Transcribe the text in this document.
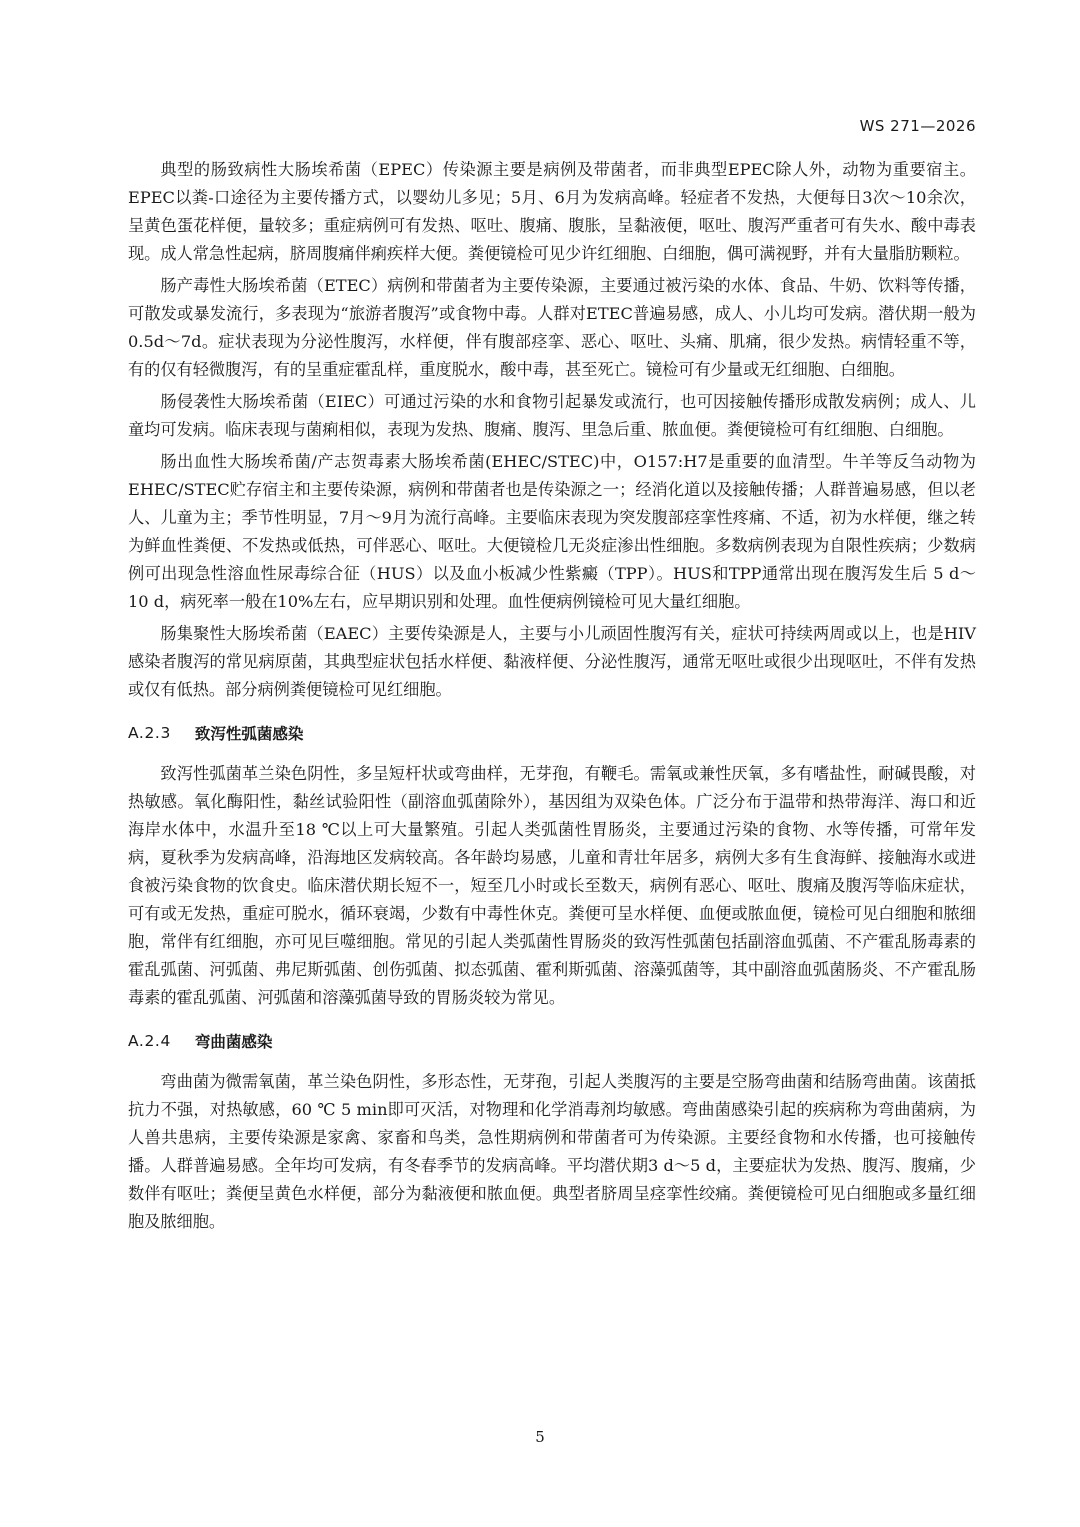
WS 271—2026

典型的肠致病性大肠埃希菌（EPEC）传染源主要是病例及带菌者，而非典型EPEC除人外，动物为重要宿主。EPEC以粪-口途径为主要传播方式，以婴幼儿多见；5月、6月为发病高峰。轻症者不发热，大便每日3次～10余次，呈黄色蛋花样便，量较多；重症病例可有发热、呕吐、腹痛、腹胀，呈黏液便，呕吐、腹泻严重者可有失水、酸中毒表现。成人常急性起病，脐周腹痛伴痢疾样大便。粪便镜检可见少许红细胞、白细胞，偶可满视野，并有大量脂肪颗粒。

肠产毒性大肠埃希菌（ETEC）病例和带菌者为主要传染源，主要通过被污染的水体、食品、牛奶、饮料等传播，可散发或暴发流行，多表现为“旅游者腹泻”或食物中毒。人群对ETEC普遍易感，成人、小儿均可发病。潜伏期一般为0.5d～7d。症状表现为分泌性腹泻，水样便，伴有腹部痉挛、恶心、呕吐、头痛、肌痛，很少发热。病情轻重不等，有的仅有轻微腹泻，有的呈重症霍乱样，重度脱水，酸中毒，甚至死亡。镜检可有少量或无红细胞、白细胞。

肠侵袭性大肠埃希菌（EIEC）可通过污染的水和食物引起暴发或流行，也可因接触传播形成散发病例；成人、儿童均可发病。临床表现与菌痢相似，表现为发热、腹痛、腹泻、里急后重、脓血便。粪便镜检可有红细胞、白细胞。

肠出血性大肠埃希菌/产志贺毒素大肠埃希菌(EHEC/STEC)中，O157:H7是重要的血清型。牛羊等反刍动物为EHEC/STEC贮存宿主和主要传染源，病例和带菌者也是传染源之一；经消化道以及接触传播；人群普遍易感，但以老人、儿童为主；季节性明显，7月～9月为流行高峰。主要临床表现为突发腹部痉挛性疼痛、不适，初为水样便，继之转为鲜血性粪便、不发热或低热，可伴恶心、呕吐。大便镜检几无炎症渗出性细胞。多数病例表现为自限性疾病；少数病例可出现急性溶血性尿毒综合征（HUS）以及血小板减少性紫癜（TPP）。HUS和TPP通常出现在腹泻发生后 5 d～10 d，病死率一般在10%左右，应早期识别和处理。血性便病例镜检可见大量红细胞。

肠集聚性大肠埃希菌（EAEC）主要传染源是人，主要与小儿顽固性腹泻有关，症状可持续两周或以上，也是HIV感染者腹泻的常见病原菌，其典型症状包括水样便、黏液样便、分泌性腹泻，通常无呕吐或很少出现呕吐，不伴有发热或仅有低热。部分病例粪便镜检可见红细胞。

A.2.3 致泻性弧菌感染

致泻性弧菌革兰染色阴性，多呈短杆状或弯曲样，无芽孢，有鞭毛。需氧或兼性厌氧，多有嗜盐性，耐碱畏酸，对热敏感。氧化酶阳性，黏丝试验阳性（副溶血弧菌除外），基因组为双染色体。广泛分布于温带和热带海洋、海口和近海岸水体中，水温升至18 ℃以上可大量繁殖。引起人类弧菌性胃肠炎，主要通过污染的食物、水等传播，可常年发病，夏秋季为发病高峰，沿海地区发病较高。各年龄均易感，儿童和青壮年居多，病例大多有生食海鲜、接触海水或进食被污染食物的饮食史。临床潜伏期长短不一，短至几小时或长至数天，病例有恶心、呕吐、腹痛及腹泻等临床症状，可有或无发热，重症可脱水，循环衰竭，少数有中毒性休克。粪便可呈水样便、血便或脓血便，镜检可见白细胞和脓细胞，常伴有红细胞，亦可见巨噬细胞。常见的引起人类弧菌性胃肠炎的致泻性弧菌包括副溶血弧菌、不产霍乱肠毒素的霍乱弧菌、河弧菌、弗尼斯弧菌、创伤弧菌、拟态弧菌、霍利斯弧菌、溶藻弧菌等，其中副溶血弧菌肠炎、不产霍乱肠毒素的霍乱弧菌、河弧菌和溶藻弧菌导致的胃肠炎较为常见。

A.2.4 弯曲菌感染

弯曲菌为微需氧菌，革兰染色阴性，多形态性，无芽孢，引起人类腹泻的主要是空肠弯曲菌和结肠弯曲菌。该菌抵抗力不强，对热敏感，60 ℃ 5 min即可灭活，对物理和化学消毒剂均敏感。弯曲菌感染引起的疾病称为弯曲菌病，为人兽共患病，主要传染源是家禽、家畜和鸟类，急性期病例和带菌者可为传染源。主要经食物和水传播，也可接触传播。人群普遍易感。全年均可发病，有冬春季节的发病高峰。平均潜伏期3 d～5 d，主要症状为发热、腹泻、腹痛，少数伴有呕吐；粪便呈黄色水样便，部分为黏液便和脓血便。典型者脐周呈痉挛性绞痛。粪便镜检可见白细胞或多量红细胞及脓细胞。

5
